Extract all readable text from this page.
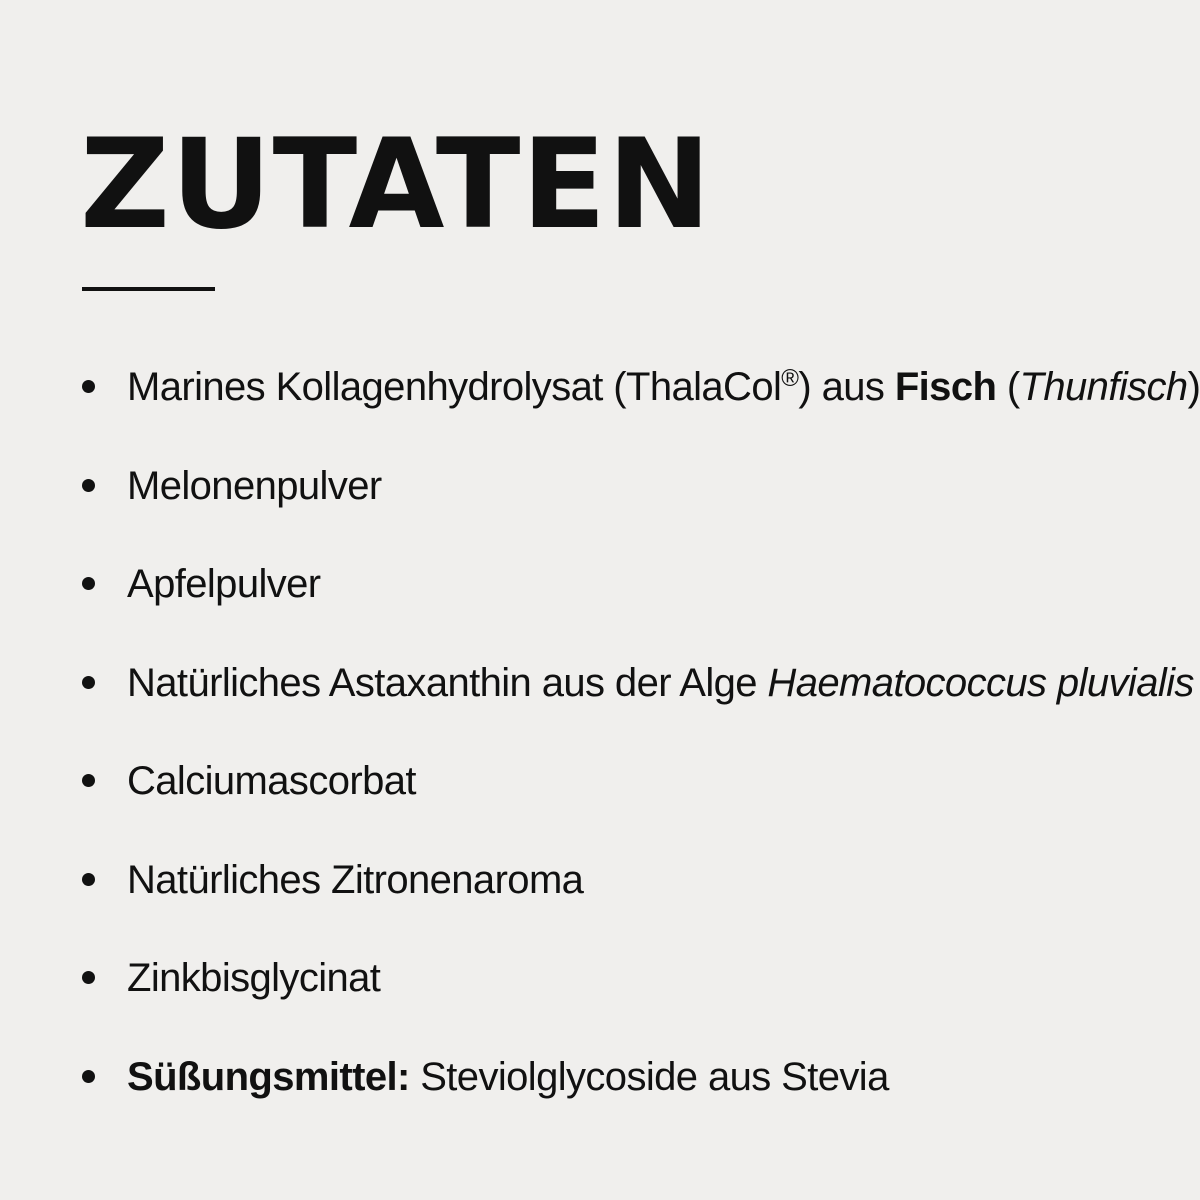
ZUTATEN
Marines Kollagenhydrolysat (ThalaCol®) aus Fisch (Thunfisch)
Melonenpulver
Apfelpulver
Natürliches Astaxanthin aus der Alge Haematococcus pluvialis
Calciumascorbat
Natürliches Zitronenaroma
Zinkbisglycinat
Süßungsmittel: Steviolglycoside aus Stevia
